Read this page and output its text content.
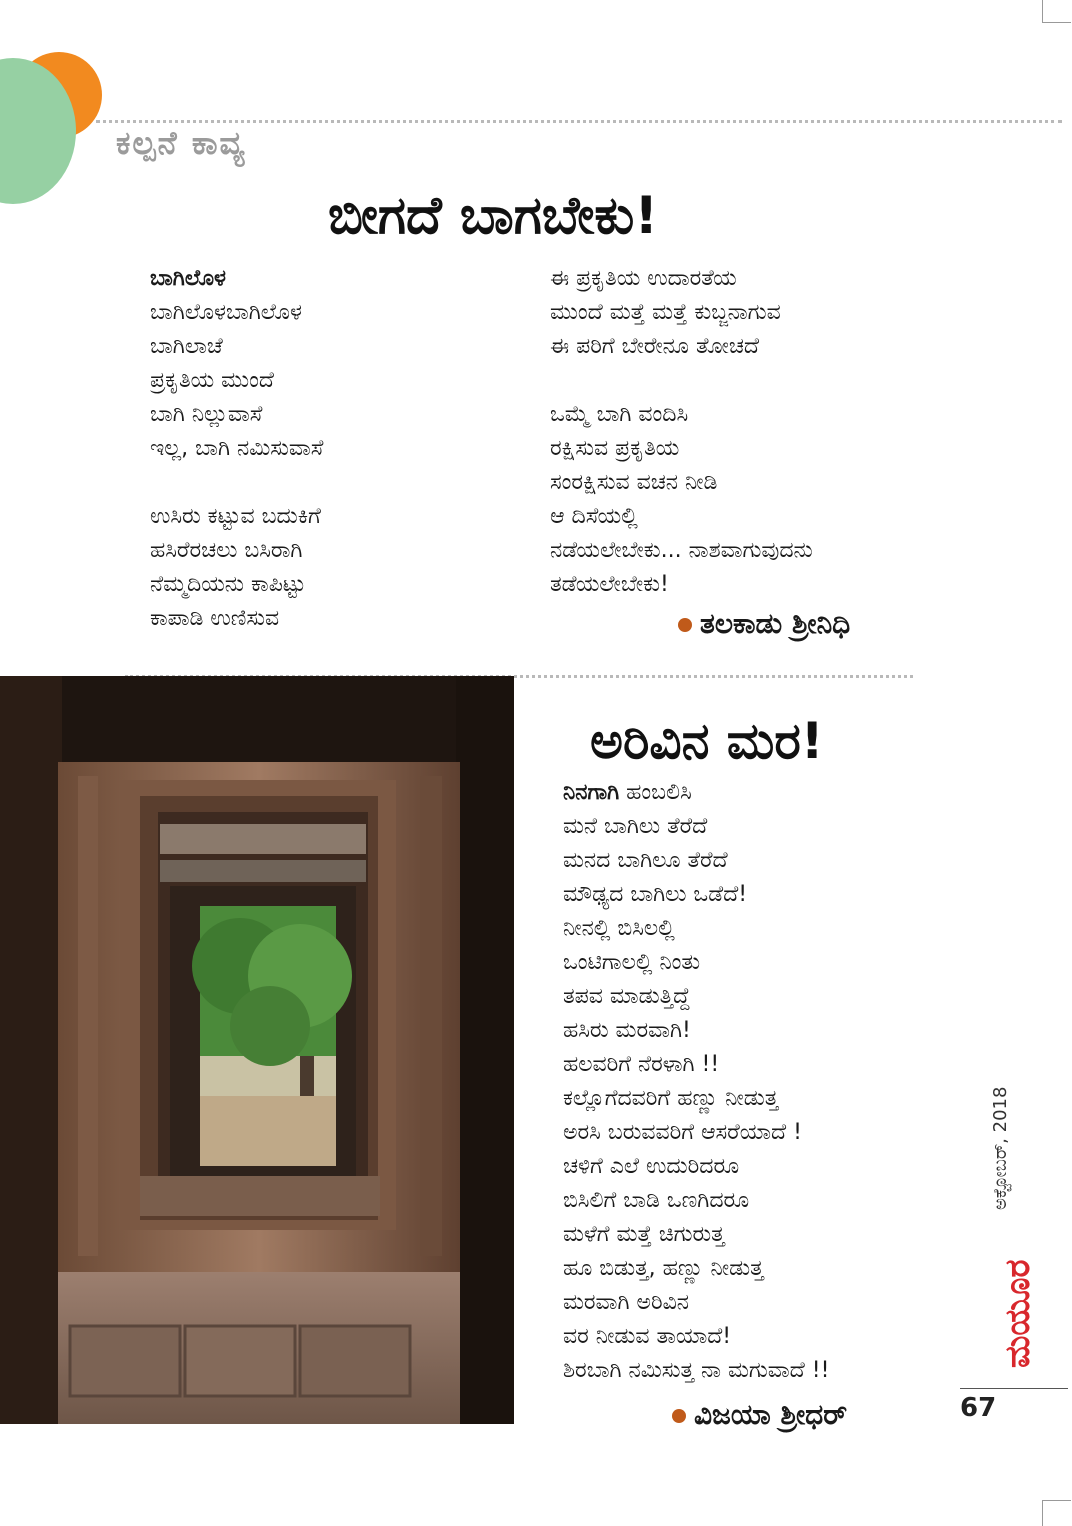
ಕಲ್ಪನೆ ಕಾವ್ಯ
ಬೀಗದೆ ಬಾಗಬೇಕು!
ಬಾಗಿಲೊಳ
ಬಾಗಿಲೊಳಬಾಗಿಲೊಳ
ಬಾಗಿಲಾಚೆ
ಪ್ರಕೃತಿಯ ಮುಂದೆ
ಬಾಗಿ ನಿಲ್ಲುವಾಸೆ
ಇಲ್ಲ, ಬಾಗಿ ನಮಿಸುವಾಸೆ
ಉಸಿರು ಕಟ್ಟುವ ಬದುಕಿಗೆ
ಹಸಿರೆರಚಲು ಬಸಿರಾಗಿ
ನೆಮ್ಮದಿಯನು ಕಾಪಿಟ್ಟು
ಕಾಪಾಡಿ ಉಣಿಸುವ
ಈ ಪ್ರಕೃತಿಯ ಉದಾರತೆಯ
ಮುಂದೆ ಮತ್ತೆ ಮತ್ತೆ ಕುಬ್ಜನಾಗುವ
ಈ ಪರಿಗೆ ಬೇರೇನೂ ತೋಚದೆ
ಒಮ್ಮೆ ಬಾಗಿ ವಂದಿಸಿ
ರಕ್ಷಿಸುವ ಪ್ರಕೃತಿಯ
ಸಂರಕ್ಷಿಸುವ ವಚನ ನೀಡಿ
ಆ ದಿಸೆಯಲ್ಲಿ
ನಡೆಯಲೇಬೇಕು... ನಾಶವಾಗುವುದನು
ತಡೆಯಲೇಬೇಕು!
ತಲಕಾಡು ಶ್ರೀನಿಧಿ
ಅರಿವಿನ ಮರ!
ನಿನಗಾಗಿ ಹಂಬಲಿಸಿ
ಮನೆ ಬಾಗಿಲು ತೆರೆದೆ
ಮನದ ಬಾಗಿಲೂ ತೆರೆದೆ
ಮೌಢ್ಯದ ಬಾಗಿಲು ಒಡೆದೆ!
ನೀನಲ್ಲಿ ಬಿಸಿಲಲ್ಲಿ
ಒಂಟಿಗಾಲಲ್ಲಿ ನಿಂತು
ತಪವ ಮಾಡುತ್ತಿದ್ದೆ
ಹಸಿರು ಮರವಾಗಿ!
ಹಲವರಿಗೆ ನೆರಳಾಗಿ !!
ಕಲ್ಲೊಗೆದವರಿಗೆ ಹಣ್ಣು ನೀಡುತ್ತ
ಅರಸಿ ಬರುವವರಿಗೆ ಆಸರೆಯಾದೆ !
ಚಳಿಗೆ ಎಲೆ ಉದುರಿದರೂ
ಬಿಸಿಲಿಗೆ ಬಾಡಿ ಒಣಗಿದರೂ
ಮಳೆಗೆ ಮತ್ತೆ ಚಿಗುರುತ್ತ
ಹೂ ಬಿಡುತ್ತ, ಹಣ್ಣು ನೀಡುತ್ತ
ಮರವಾಗಿ ಅರಿವಿನ
ವರ ನೀಡುವ ತಾಯಾದೆ!
ಶಿರಬಾಗಿ ನಮಿಸುತ್ತ ನಾ ಮಗುವಾದೆ !!
ವಿಜಯಾ ಶ್ರೀಧರ್
ಅಕ್ಟೋಬರ್, 2018
ಮಯೂರ
67
